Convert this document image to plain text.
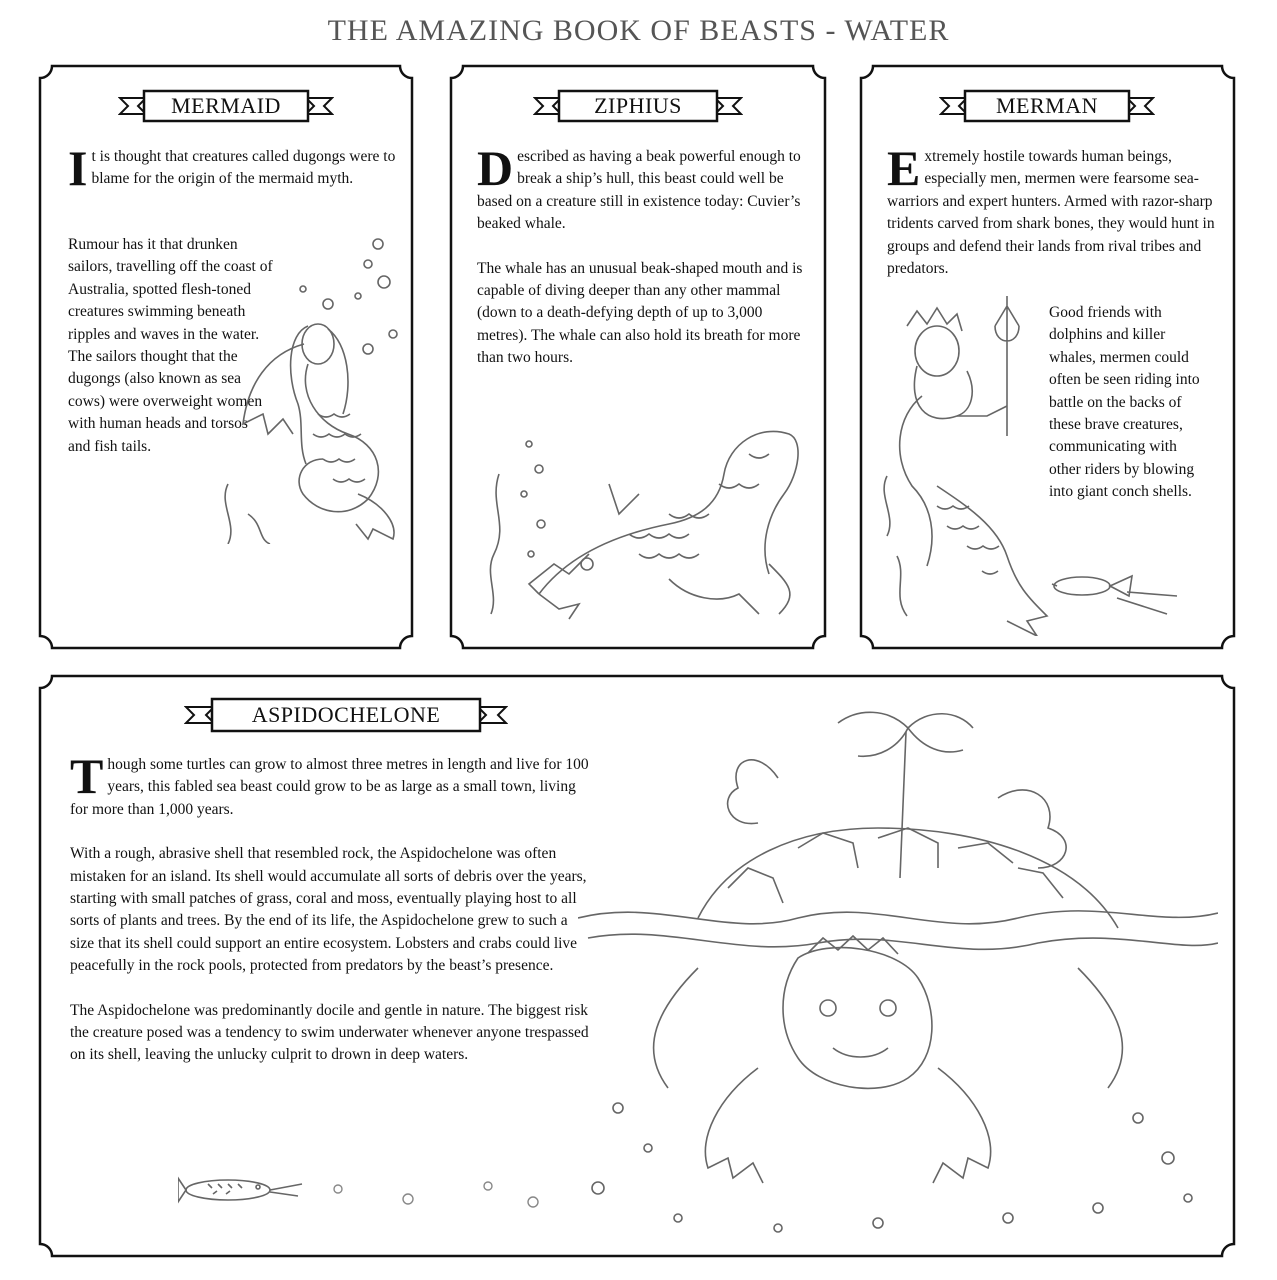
THE AMAZING BOOK OF BEASTS - WATER
MERMAID

It is thought that creatures called dugongs were to blame for the origin of the mermaid myth.

Rumour has it that drunken sailors, travelling off the coast of Australia, spotted flesh-toned creatures swimming beneath ripples and waves in the water. The sailors thought that the dugongs (also known as sea cows) were overweight women with human heads and torsos and fish tails.

ZIPHIUS

Described as having a beak powerful enough to break a ship’s hull, this beast could well be based on a creature still in existence today: Cuvier’s beaked whale.

The whale has an unusual beak-shaped mouth and is capable of diving deeper than any other mammal (down to a death-defying depth of up to 3,000 metres). The whale can also hold its breath for more than two hours.

MERMAN

Extremely hostile towards human beings, especially men, mermen were fearsome sea-warriors and expert hunters. Armed with razor-sharp tridents carved from shark bones, they would hunt in groups and defend their lands from rival tribes and predators.

Good friends with dolphins and killer whales, mermen could often be seen riding into battle on the backs of these brave creatures, communicating with other riders by blowing into giant conch shells.

ASPIDOCHELONE

Though some turtles can grow to almost three metres in length and live for 100 years, this fabled sea beast could grow to be as large as a small town, living for more than 1,000 years.

With a rough, abrasive shell that resembled rock, the Aspidochelone was often mistaken for an island. Its shell would accumulate all sorts of debris over the years, starting with small patches of grass, coral and moss, eventually playing host to all sorts of plants and trees. By the end of its life, the Aspidochelone grew to such a size that its shell could support an entire ecosystem. Lobsters and crabs could live peacefully in the rock pools, protected from predators by the beast’s presence.

The Aspidochelone was predominantly docile and gentle in nature. The biggest risk the creature posed was a tendency to swim underwater whenever anyone trespassed on its shell, leaving the unlucky culprit to drown in deep waters.
